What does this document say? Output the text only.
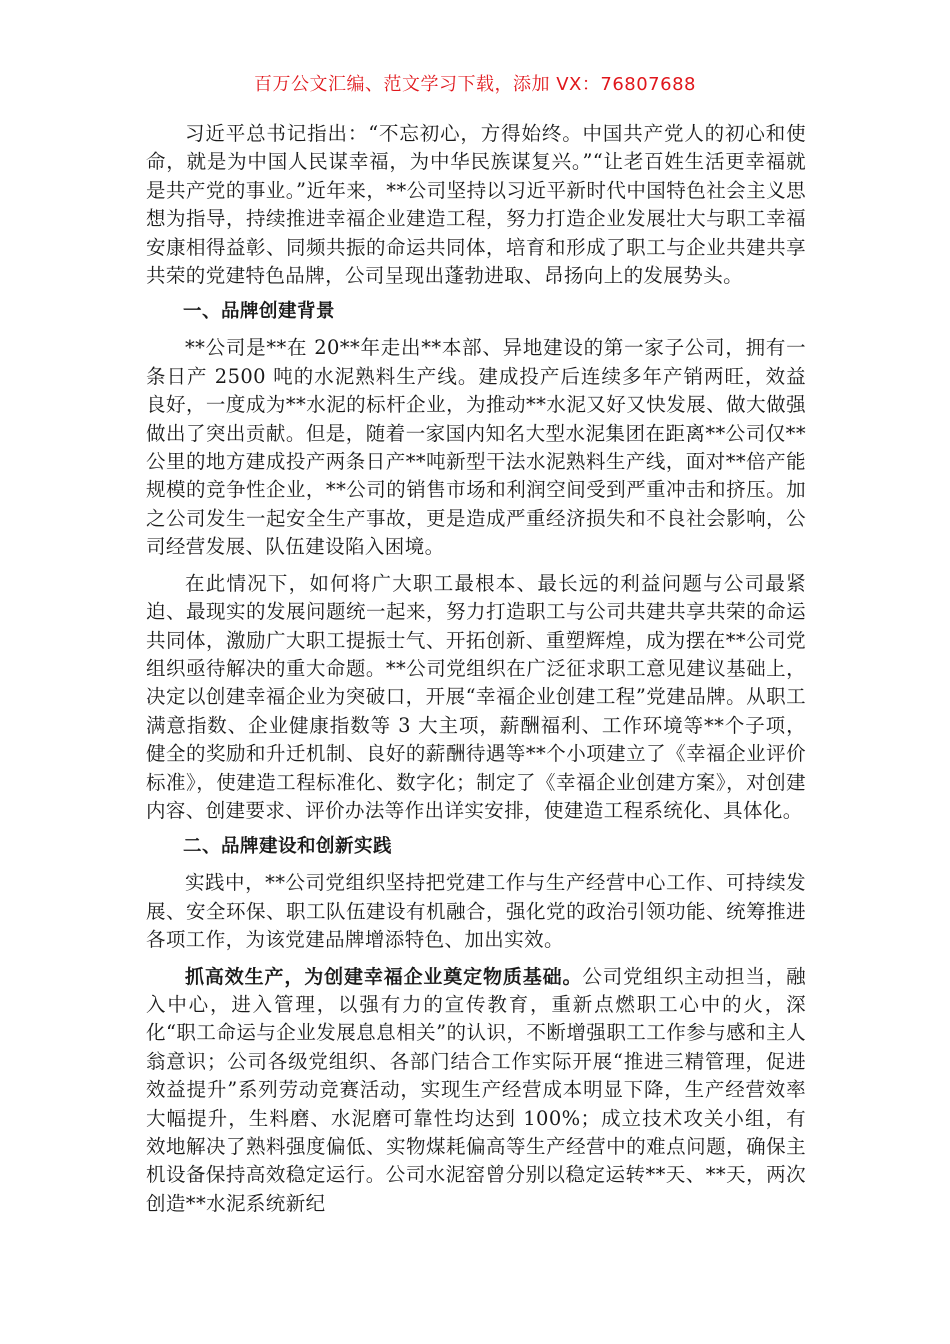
百万公文汇编、范文学习下载，添加 VX：76807688

习近平总书记指出：“不忘初心，方得始终。中国共产党人的初心和使命，就是为中国人民谋幸福，为中华民族谋复兴。”“让老百姓生活更幸福就是共产党的事业。”近年来，**公司坚持以习近平新时代中国特色社会主义思想为指导，持续推进幸福企业建造工程，努力打造企业发展壮大与职工幸福安康相得益彰、同频共振的命运共同体，培育和形成了职工与企业共建共享共荣的党建特色品牌，公司呈现出蓬勃进取、昂扬向上的发展势头。

一、品牌创建背景

**公司是**在 20**年走出**本部、异地建设的第一家子公司，拥有一条日产 2500 吨的水泥熟料生产线。建成投产后连续多年产销两旺，效益良好，一度成为**水泥的标杆企业，为推动**水泥又好又快发展、做大做强做出了突出贡献。但是，随着一家国内知名大型水泥集团在距离**公司仅**公里的地方建成投产两条日产**吨新型干法水泥熟料生产线，面对**倍产能规模的竞争性企业，**公司的销售市场和利润空间受到严重冲击和挤压。加之公司发生一起安全生产事故，更是造成严重经济损失和不良社会影响，公司经营发展、队伍建设陷入困境。

在此情况下，如何将广大职工最根本、最长远的利益问题与公司最紧迫、最现实的发展问题统一起来，努力打造职工与公司共建共享共荣的命运共同体，激励广大职工提振士气、开拓创新、重塑辉煌，成为摆在**公司党组织亟待解决的重大命题。**公司党组织在广泛征求职工意见建议基础上，决定以创建幸福企业为突破口，开展“幸福企业创建工程”党建品牌。从职工满意指数、企业健康指数等 3 大主项，薪酬福利、工作环境等**个子项，健全的奖励和升迁机制、良好的薪酬待遇等**个小项建立了《幸福企业评价标准》，使建造工程标准化、数字化；制定了《幸福企业创建方案》，对创建内容、创建要求、评价办法等作出详实安排，使建造工程系统化、具体化。

二、品牌建设和创新实践

实践中，**公司党组织坚持把党建工作与生产经营中心工作、可持续发展、安全环保、职工队伍建设有机融合，强化党的政治引领功能、统筹推进各项工作，为该党建品牌增添特色、加出实效。

抓高效生产，为创建幸福企业奠定物质基础。公司党组织主动担当，融入中心，进入管理，以强有力的宣传教育，重新点燃职工心中的火，深化“职工命运与企业发展息息相关”的认识，不断增强职工工作参与感和主人翁意识；公司各级党组织、各部门结合工作实际开展“推进三精管理，促进效益提升”系列劳动竞赛活动，实现生产经营成本明显下降，生产经营效率大幅提升，生料磨、水泥磨可靠性均达到 100%；成立技术攻关小组，有效地解决了熟料强度偏低、实物煤耗偏高等生产经营中的难点问题，确保主机设备保持高效稳定运行。公司水泥窑曾分别以稳定运转**天、**天，两次创造**水泥系统新纪
